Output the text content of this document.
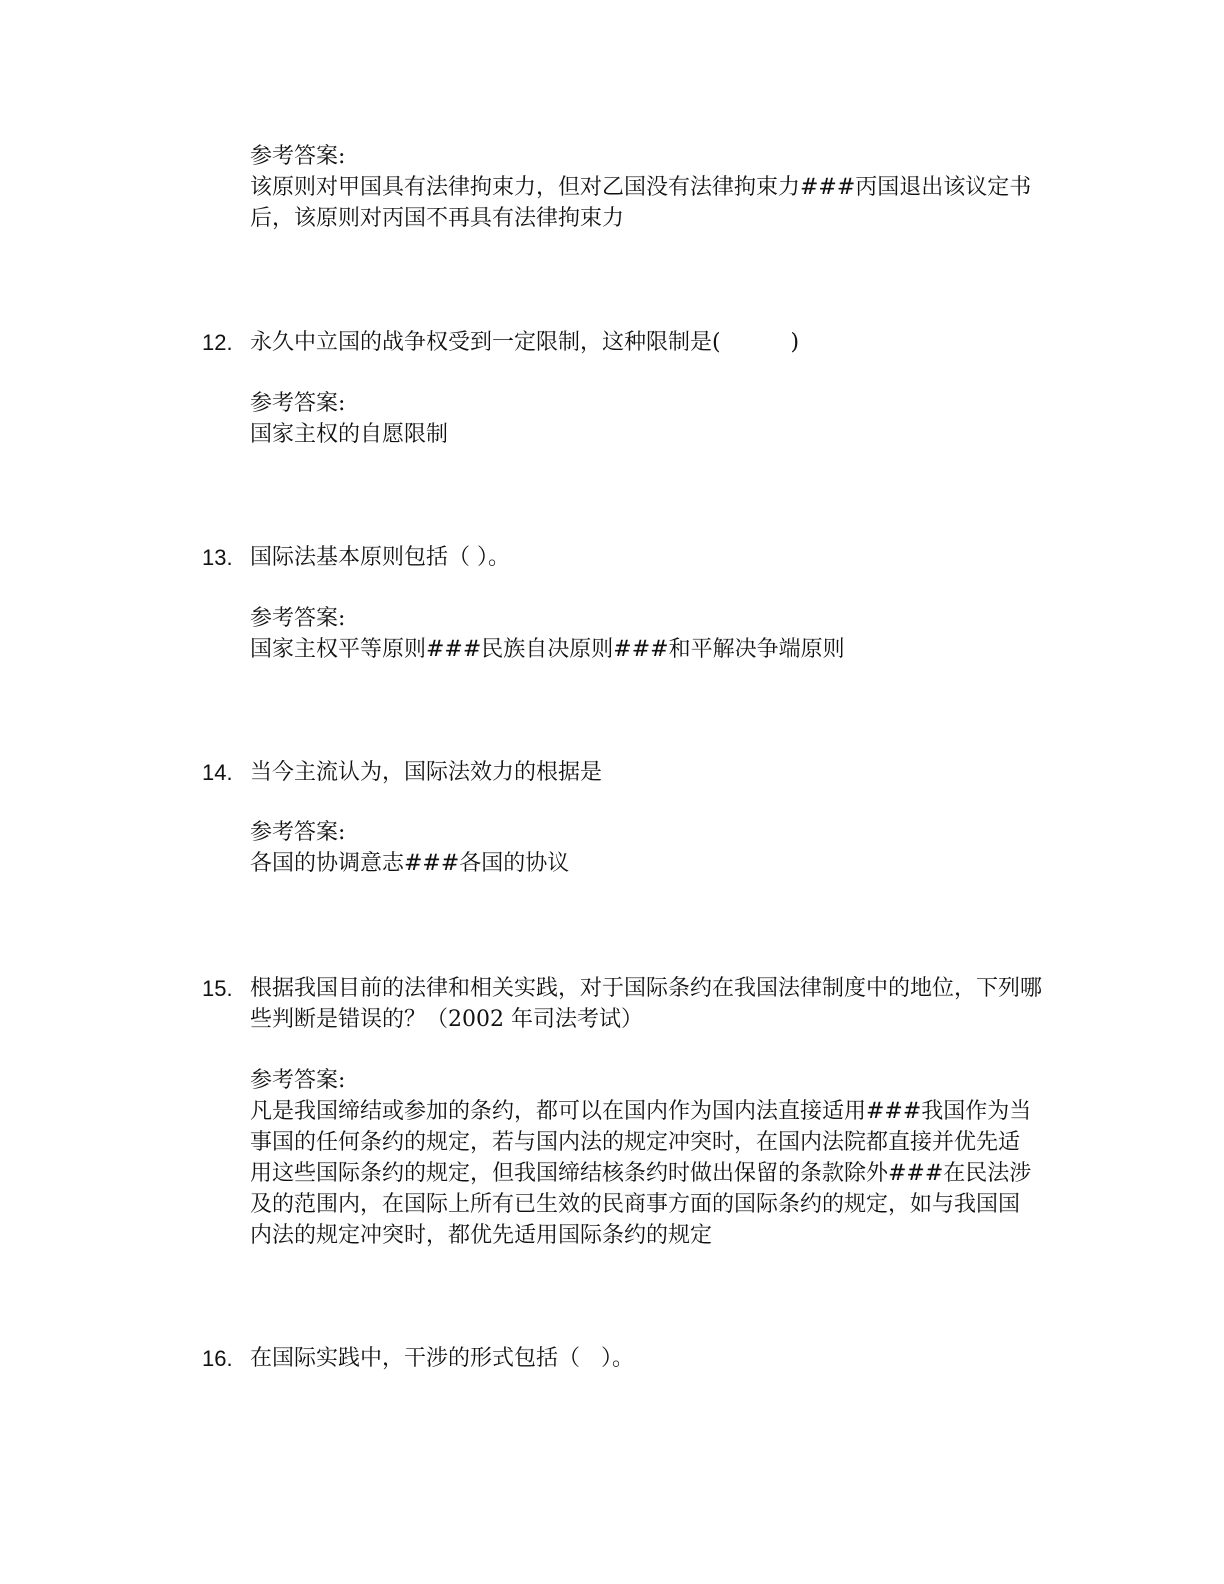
参考答案:
该原则对甲国具有法律拘束力，但对乙国没有法律拘束力###丙国退出该议定书后，该原则对丙国不再具有法律拘束力
12. 永久中立国的战争权受到一定限制，这种限制是(          )
参考答案:
国家主权的自愿限制
13. 国际法基本原则包括（ ）。
参考答案:
国家主权平等原则###民族自决原则###和平解决争端原则
14. 当今主流认为，国际法效力的根据是
参考答案:
各国的协调意志###各国的协议
15. 根据我国目前的法律和相关实践，对于国际条约在我国法律制度中的地位，下列哪些判断是错误的？（2002 年司法考试）
参考答案:
凡是我国缔结或参加的条约，都可以在国内作为国内法直接适用###我国作为当事国的任何条约的规定，若与国内法的规定冲突时，在国内法院都直接并优先适用这些国际条约的规定，但我国缔结核条约时做出保留的条款除外###在民法涉及的范围内，在国际上所有已生效的民商事方面的国际条约的规定，如与我国国内法的规定冲突时，都优先适用国际条约的规定
16. 在国际实践中，干涉的形式包括（   ）。
